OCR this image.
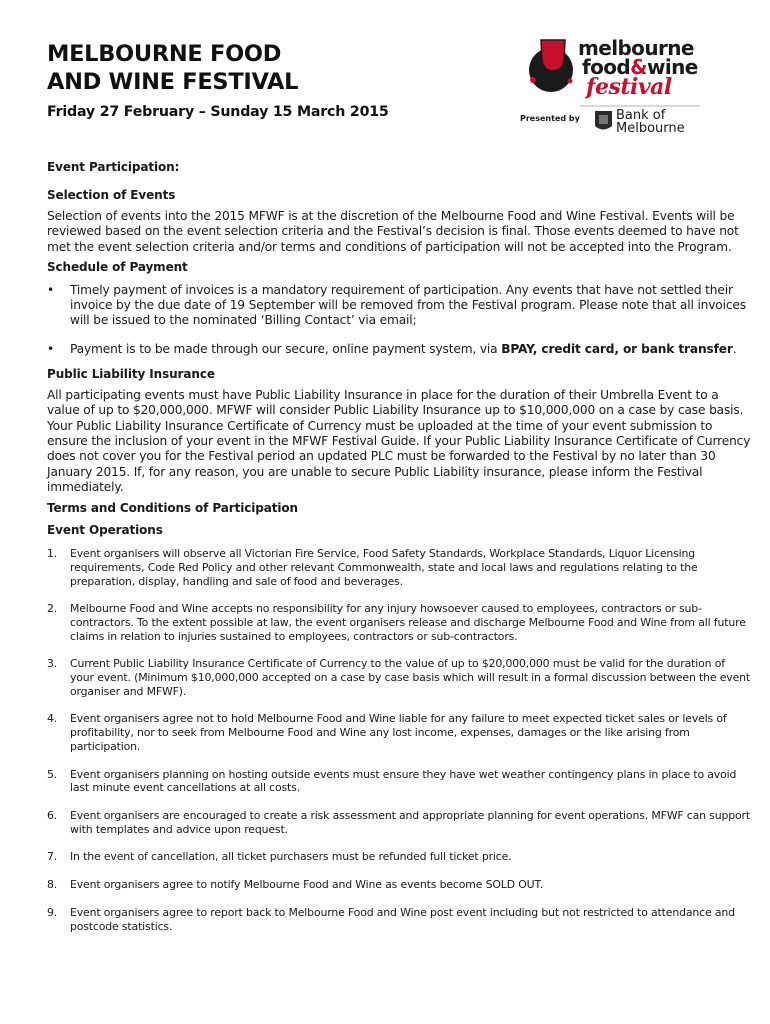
MELBOURNE FOOD
AND WINE FESTIVAL
Friday 27 February – Sunday 15 March 2015
melbourne
food&wine
festival
Presented by	Bank of
Melbourne
Event Participation:
Selection of Events
Selection of events into the 2015 MFWF is at the discretion of the Melbourne Food and Wine Festival. Events will be reviewed based on the event selection criteria and the Festival’s decision is final. Those events deemed to have not met the event selection criteria and/or terms and conditions of participation will not be accepted into the Program.
Schedule of Payment
• Timely payment of invoices is a mandatory requirement of participation. Any events that have not settled their invoice by the due date of 19 September will be removed from the Festival program. Please note that all invoices will be issued to the nominated ‘Billing Contact’ via email;
• Payment is to be made through our secure, online payment system, via BPAY, credit card, or bank transfer.
Public Liability Insurance
All participating events must have Public Liability Insurance in place for the duration of their Umbrella Event to a value of up to $20,000,000. MFWF will consider Public Liability Insurance up to $10,000,000 on a case by case basis. Your Public Liability Insurance Certificate of Currency must be uploaded at the time of your event submission to ensure the inclusion of your event in the MFWF Festival Guide. If your Public Liability Insurance Certificate of Currency does not cover you for the Festival period an updated PLC must be forwarded to the Festival by no later than 30 January 2015. If, for any reason, you are unable to secure Public Liability insurance, please inform the Festival immediately.
Terms and Conditions of Participation
Event Operations
1. Event organisers will observe all Victorian Fire Service, Food Safety Standards, Workplace Standards, Liquor Licensing requirements, Code Red Policy and other relevant Commonwealth, state and local laws and regulations relating to the preparation, display, handling and sale of food and beverages.
2. Melbourne Food and Wine accepts no responsibility for any injury howsoever caused to employees, contractors or sub-contractors. To the extent possible at law, the event organisers release and discharge Melbourne Food and Wine from all future claims in relation to injuries sustained to employees, contractors or sub-contractors.
3. Current Public Liability Insurance Certificate of Currency to the value of up to $20,000,000 must be valid for the duration of your event. (Minimum $10,000,000 accepted on a case by case basis which will result in a formal discussion between the event organiser and MFWF).
4. Event organisers agree not to hold Melbourne Food and Wine liable for any failure to meet expected ticket sales or levels of profitability, nor to seek from Melbourne Food and Wine any lost income, expenses, damages or the like arising from participation.
5. Event organisers planning on hosting outside events must ensure they have wet weather contingency plans in place to avoid last minute event cancellations at all costs.
6. Event organisers are encouraged to create a risk assessment and appropriate planning for event operations. MFWF can support with templates and advice upon request.
7. In the event of cancellation, all ticket purchasers must be refunded full ticket price.
8. Event organisers agree to notify Melbourne Food and Wine as events become SOLD OUT.
9. Event organisers agree to report back to Melbourne Food and Wine post event including but not restricted to attendance and postcode statistics.
